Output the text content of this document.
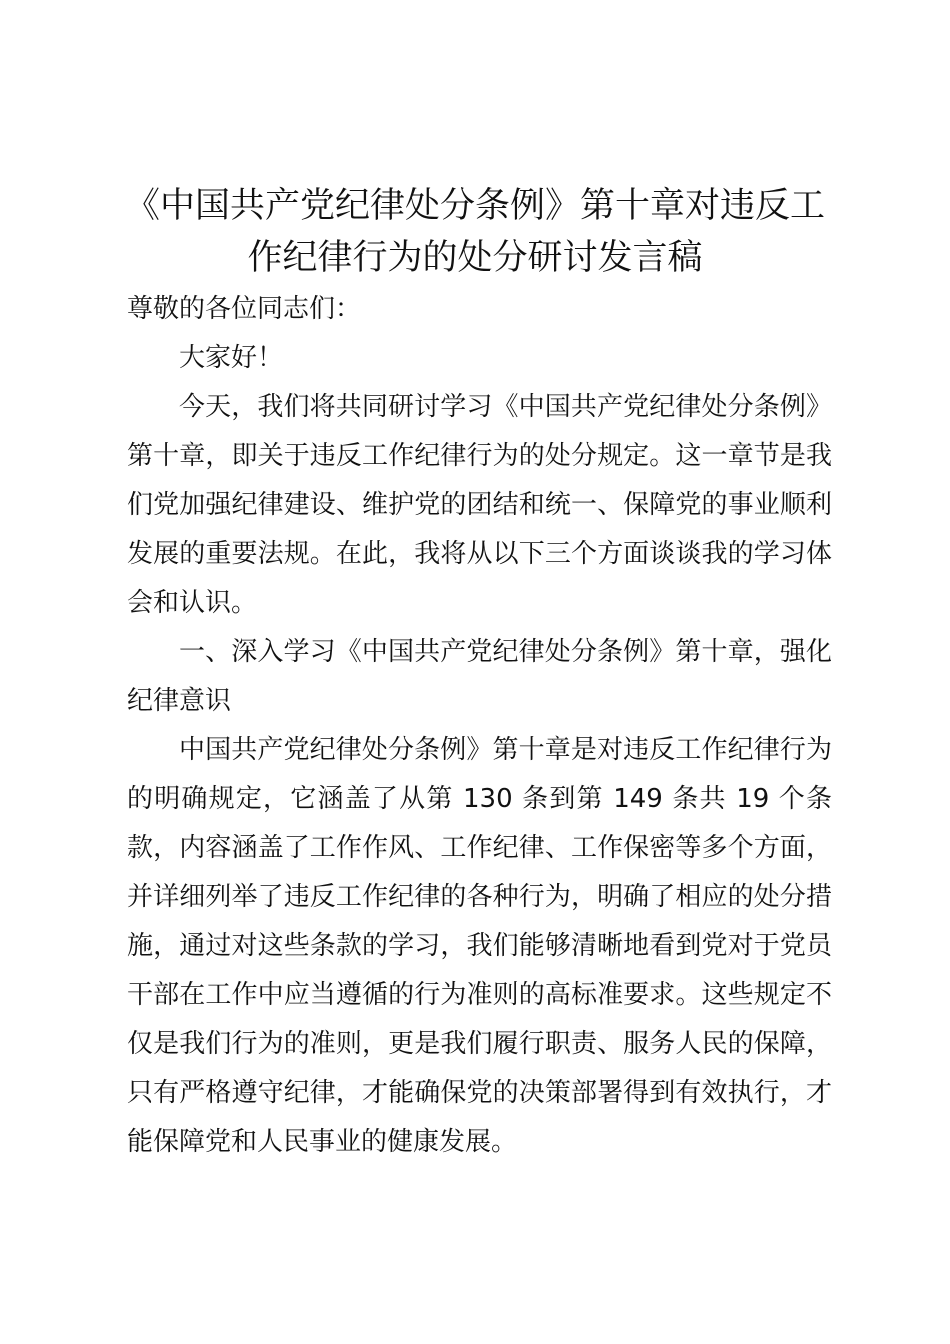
《中国共产党纪律处分条例》第十章对违反工作纪律行为的处分研讨发言稿

尊敬的各位同志们：

大家好！

今天，我们将共同研讨学习《中国共产党纪律处分条例》第十章，即关于违反工作纪律行为的处分规定。这一章节是我们党加强纪律建设、维护党的团结和统一、保障党的事业顺利发展的重要法规。在此，我将从以下三个方面谈谈我的学习体会和认识。

一、深入学习《中国共产党纪律处分条例》第十章，强化纪律意识

中国共产党纪律处分条例》第十章是对违反工作纪律行为的明确规定，它涵盖了从第 130 条到第 149 条共 19 个条款，内容涵盖了工作作风、工作纪律、工作保密等多个方面，并详细列举了违反工作纪律的各种行为，明确了相应的处分措施，通过对这些条款的学习，我们能够清晰地看到党对于党员干部在工作中应当遵循的行为准则的高标准要求。这些规定不仅是我们行为的准则，更是我们履行职责、服务人民的保障，只有严格遵守纪律，才能确保党的决策部署得到有效执行，才能保障党和人民事业的健康发展。
